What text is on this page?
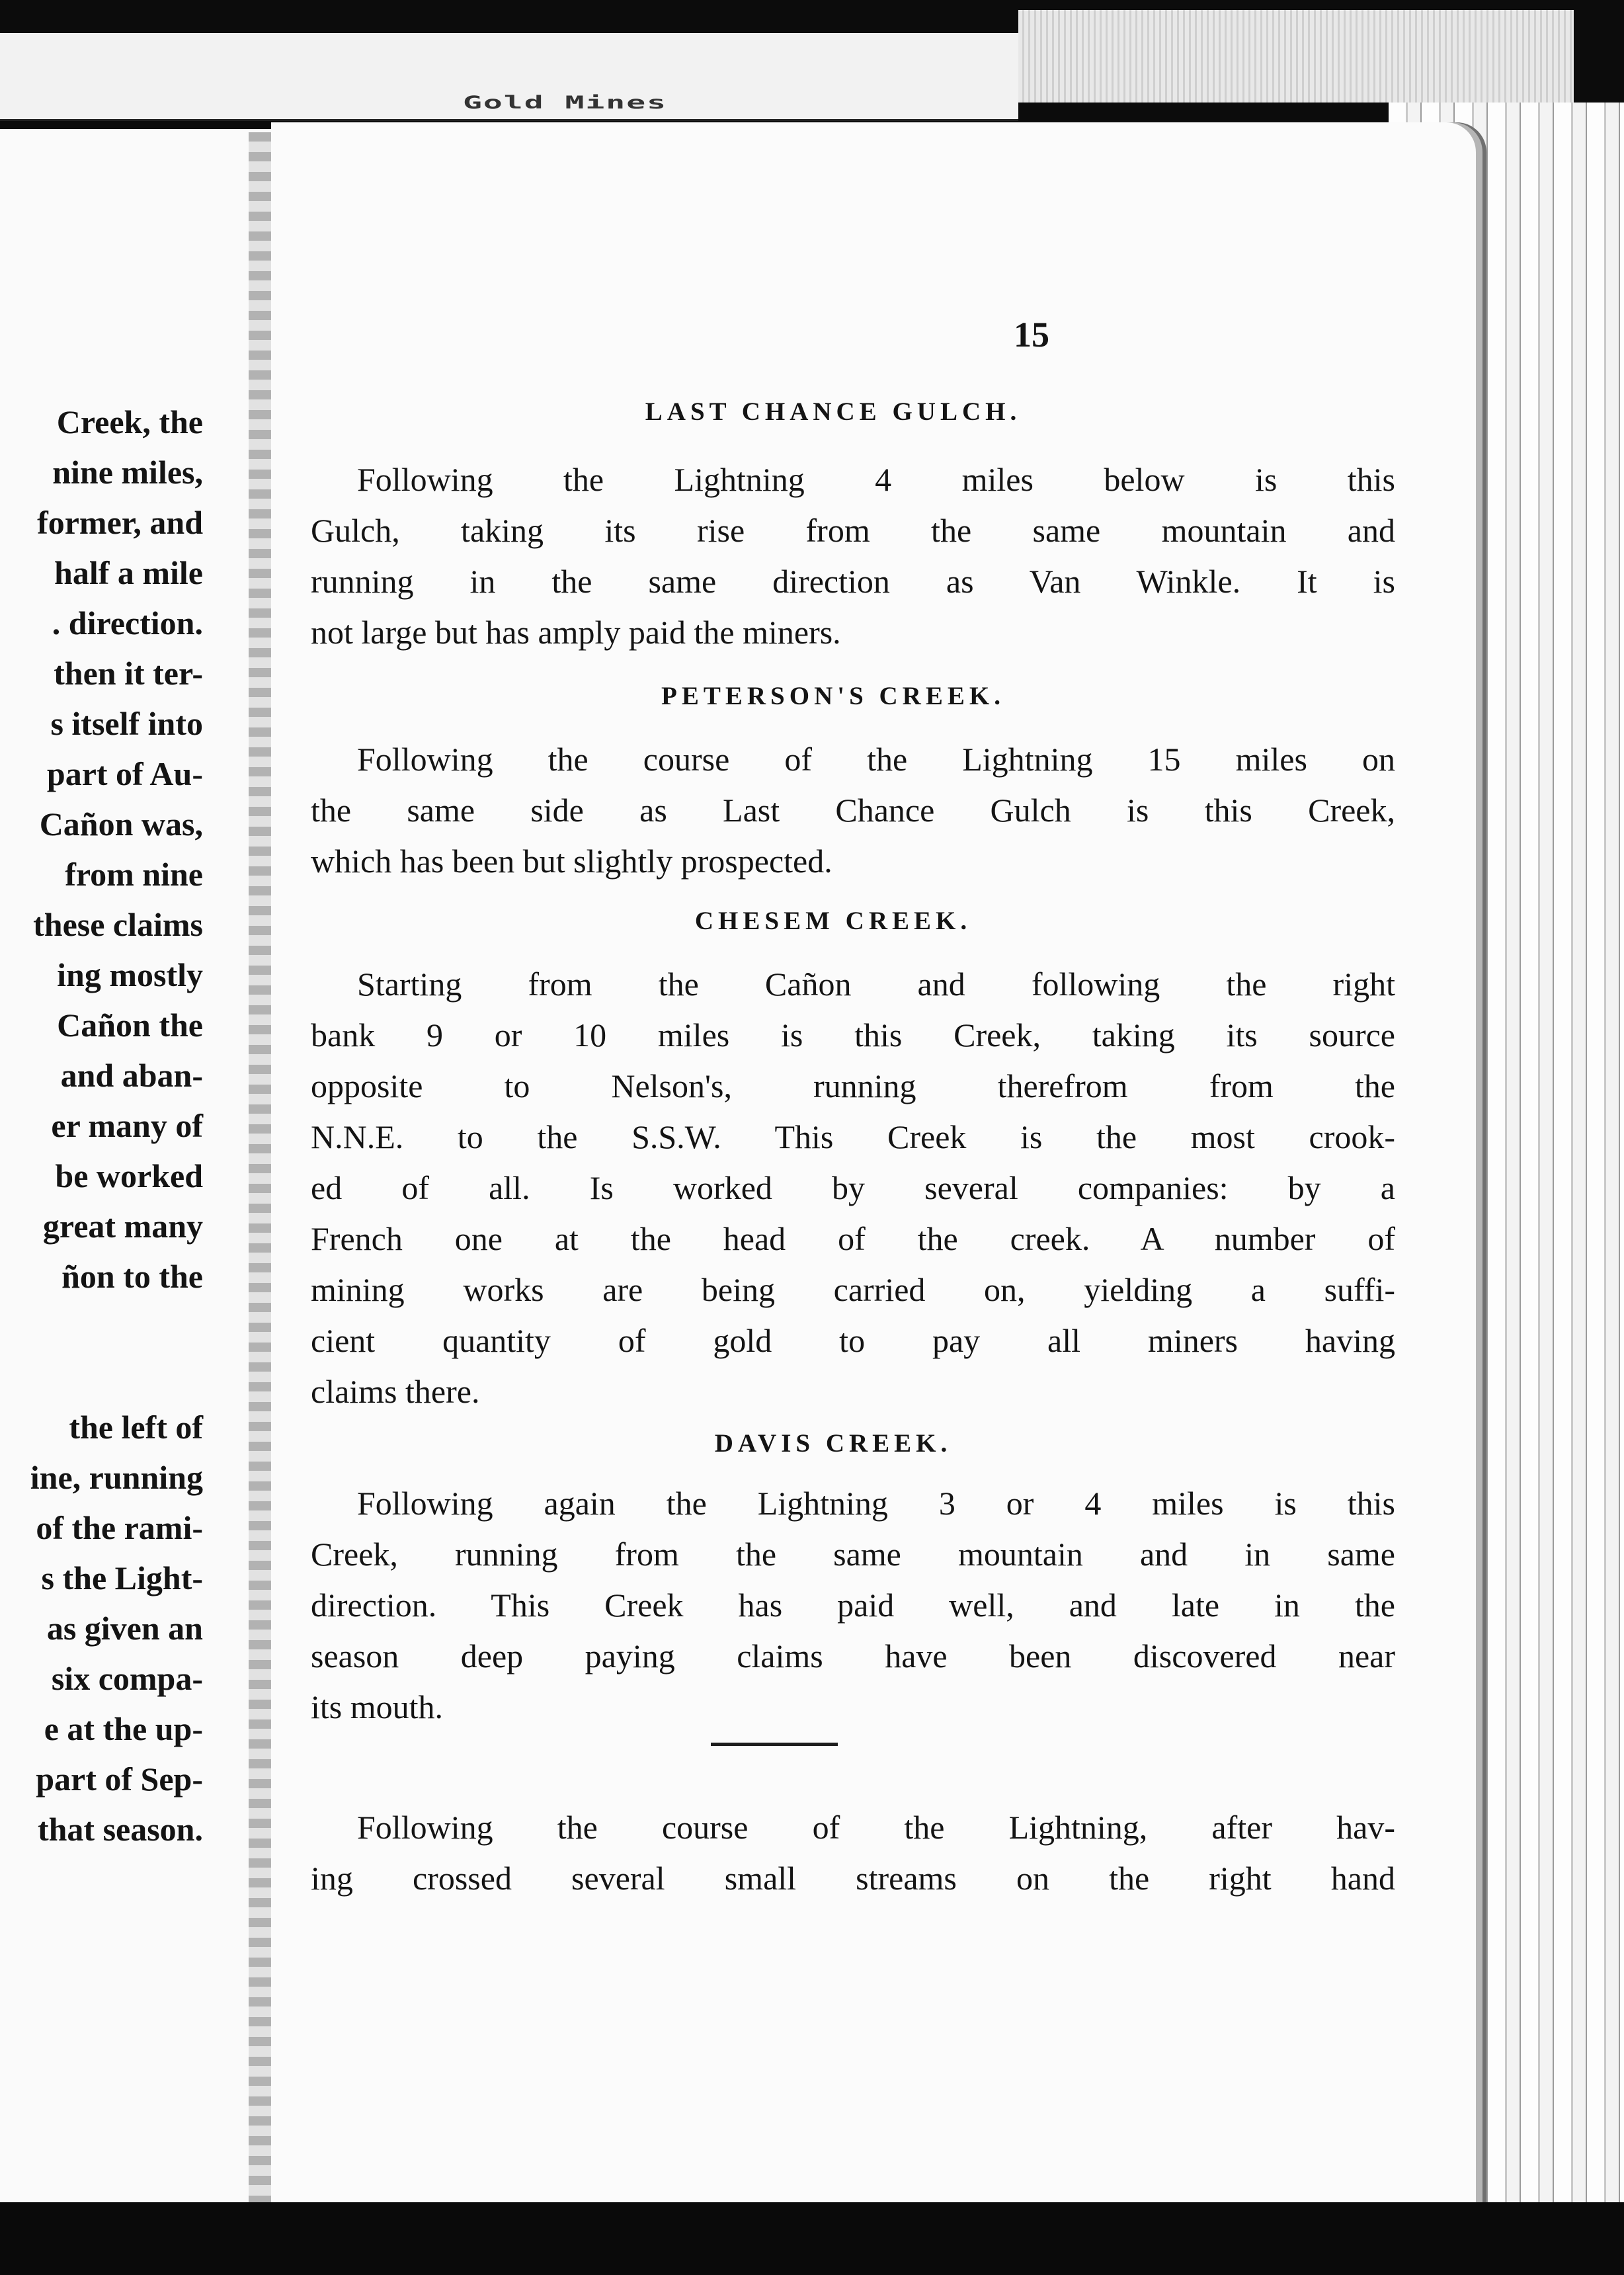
Gold Mines
Creek, the
nine miles,
former, and
half a mile
. direction.
then it ter-
s itself into
part of Au-
Cañon was,
from nine
these claims
ing mostly
Cañon the
and aban-
er many of
be worked
great many
ñon to the
the left of
ine, running
of the rami-
s the Light-
as given an
six compa-
e at the up-
part of Sep-
that season.
15
LAST CHANCE GULCH.
Following the Lightning 4 miles below is this
Gulch, taking its rise from the same mountain and
running in the same direction as Van Winkle. It is
not large but has amply paid the miners.
PETERSON'S CREEK.
Following the course of the Lightning 15 miles on
the same side as Last Chance Gulch is this Creek,
which has been but slightly prospected.
CHESEM CREEK.
Starting from the Cañon and following the right
bank 9 or 10 miles is this Creek, taking its source
opposite to Nelson's, running therefrom from the
N.N.E. to the S.S.W. This Creek is the most crook-
ed of all. Is worked by several companies: by a
French one at the head of the creek. A number of
mining works are being carried on, yielding a suffi-
cient quantity of gold to pay all miners having
claims there.
DAVIS CREEK.
Following again the Lightning 3 or 4 miles is this
Creek, running from the same mountain and in same
direction. This Creek has paid well, and late in the
season deep paying claims have been discovered near
its mouth.
Following the course of the Lightning, after hav-
ing crossed several small streams on the right hand
